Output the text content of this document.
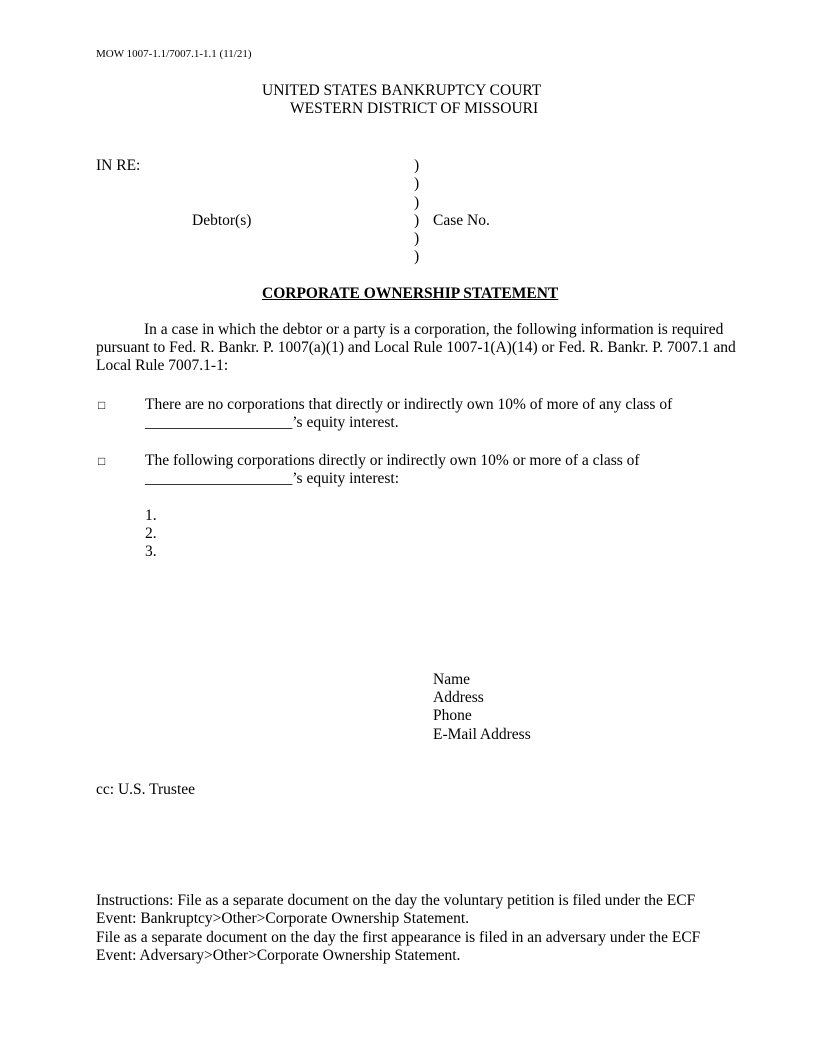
MOW 1007-1.1/7007.1-1.1 (11/21)
UNITED STATES BANKRUPTCY COURT
WESTERN DISTRICT OF MISSOURI
IN RE:	)
)
)
)
)
)
Debtor(s)	Case No.
CORPORATE OWNERSHIP STATEMENT
In a case in which the debtor or a party is a corporation, the following information is required pursuant to Fed. R. Bankr. P. 1007(a)(1) and Local Rule 1007-1(A)(14) or Fed. R. Bankr. P. 7007.1 and Local Rule 7007.1-1:
□	There are no corporations that directly or indirectly own 10% of more of any class of
___________________’s equity interest.
□	The following corporations directly or indirectly own 10% or more of a class of
___________________’s equity interest:
1.
2.
3.
Name
Address
Phone
E-Mail Address
cc: U.S. Trustee
Instructions: File as a separate document on the day the voluntary petition is filed under the ECF
Event: Bankruptcy>Other>Corporate Ownership Statement.
File as a separate document on the day the first appearance is filed in an adversary under the ECF
Event: Adversary>Other>Corporate Ownership Statement.
